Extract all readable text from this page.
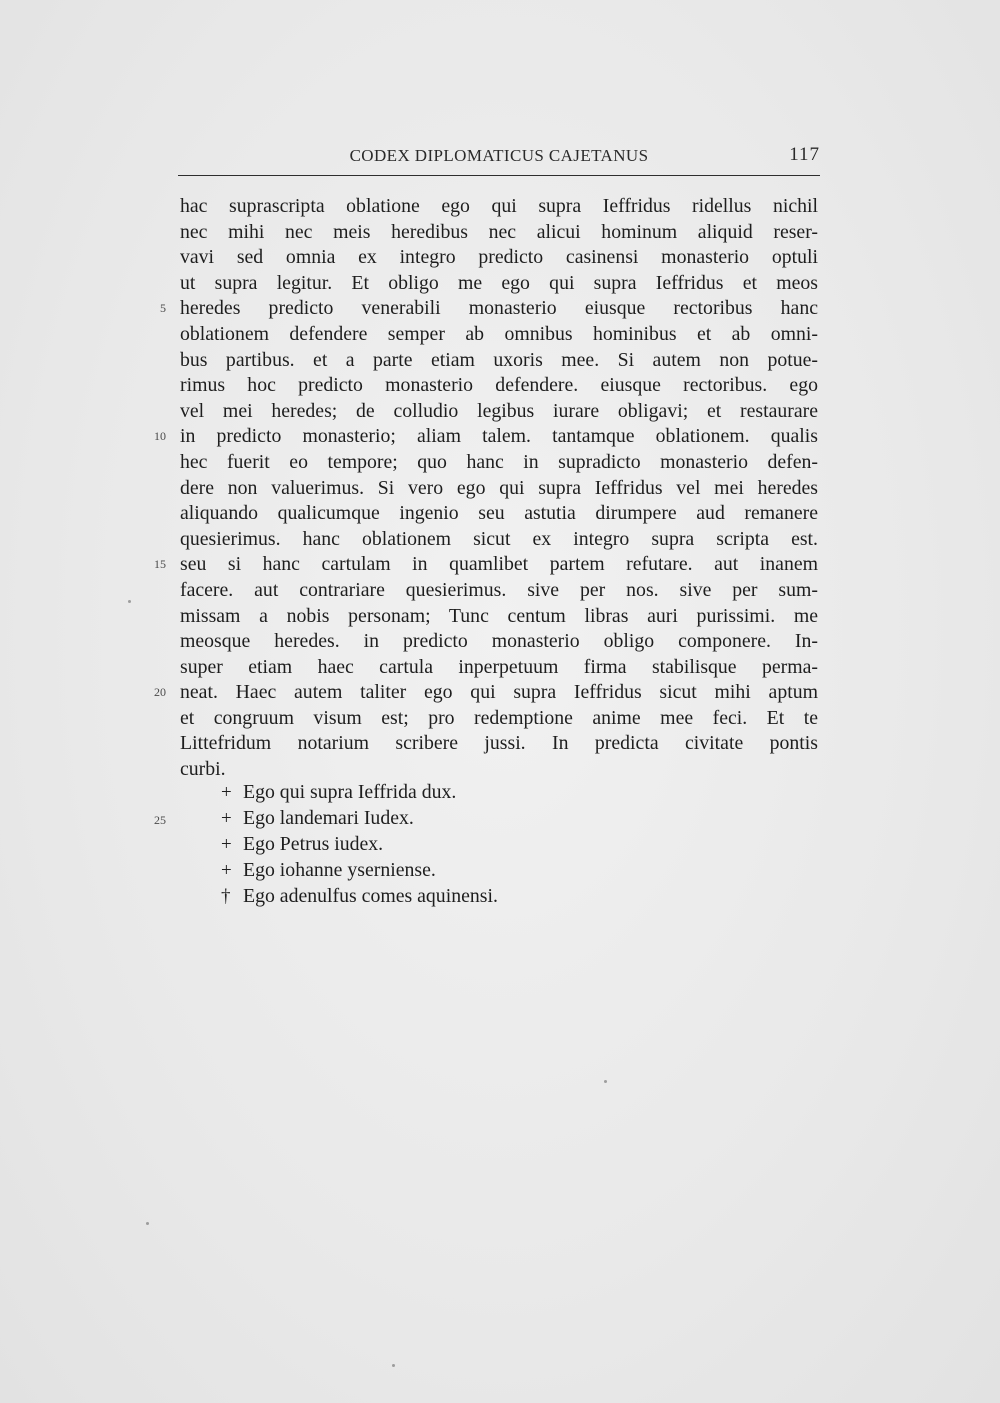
CODEX DIPLOMATICUS CAJETANUS	117
hac suprascripta oblatione ego qui supra Ieffridus ridellus nichil
nec mihi nec meis heredibus nec alicui hominum aliquid reser-
vavi sed omnia ex integro predicto casinensi monasterio optuli
ut supra legitur. Et obligo me ego qui supra Ieffridus et meos
heredes predicto venerabili monasterio eiusque rectoribus hanc
oblationem defendere semper ab omnibus hominibus et ab omni-
bus partibus. et a parte etiam uxoris mee. Si autem non potue-
rimus hoc predicto monasterio defendere. eiusque rectoribus. ego
vel mei heredes; de colludio legibus iurare obligavi; et restaurare
in predicto monasterio; aliam talem. tantamque oblationem. qualis
hec fuerit eo tempore; quo hanc in supradicto monasterio defen-
dere non valuerimus. Si vero ego qui supra Ieffridus vel mei heredes
aliquando qualicumque ingenio seu astutia dirumpere aud remanere
quesierimus. hanc oblationem sicut ex integro supra scripta est.
seu si hanc cartulam in quamlibet partem refutare. aut inanem
facere. aut contrariare quesierimus. sive per nos. sive per sum-
missam a nobis personam; Tunc centum libras auri purissimi. me
meosque heredes. in predicto monasterio obligo componere. In-
super etiam haec cartula inperpetuum firma stabilisque perma-
neat. Haec autem taliter ego qui supra Ieffridus sicut mihi aptum
et congruum visum est; pro redemptione anime mee feci. Et te
Littefridum notarium scribere jussi. In predicta civitate pontis
curbi.
5
10
15
20
25
+ Ego qui supra Ieffrida dux.
+ Ego landemari Iudex.
+ Ego Petrus iudex.
+ Ego iohanne yserniense.
† Ego adenulfus comes aquinensi.
